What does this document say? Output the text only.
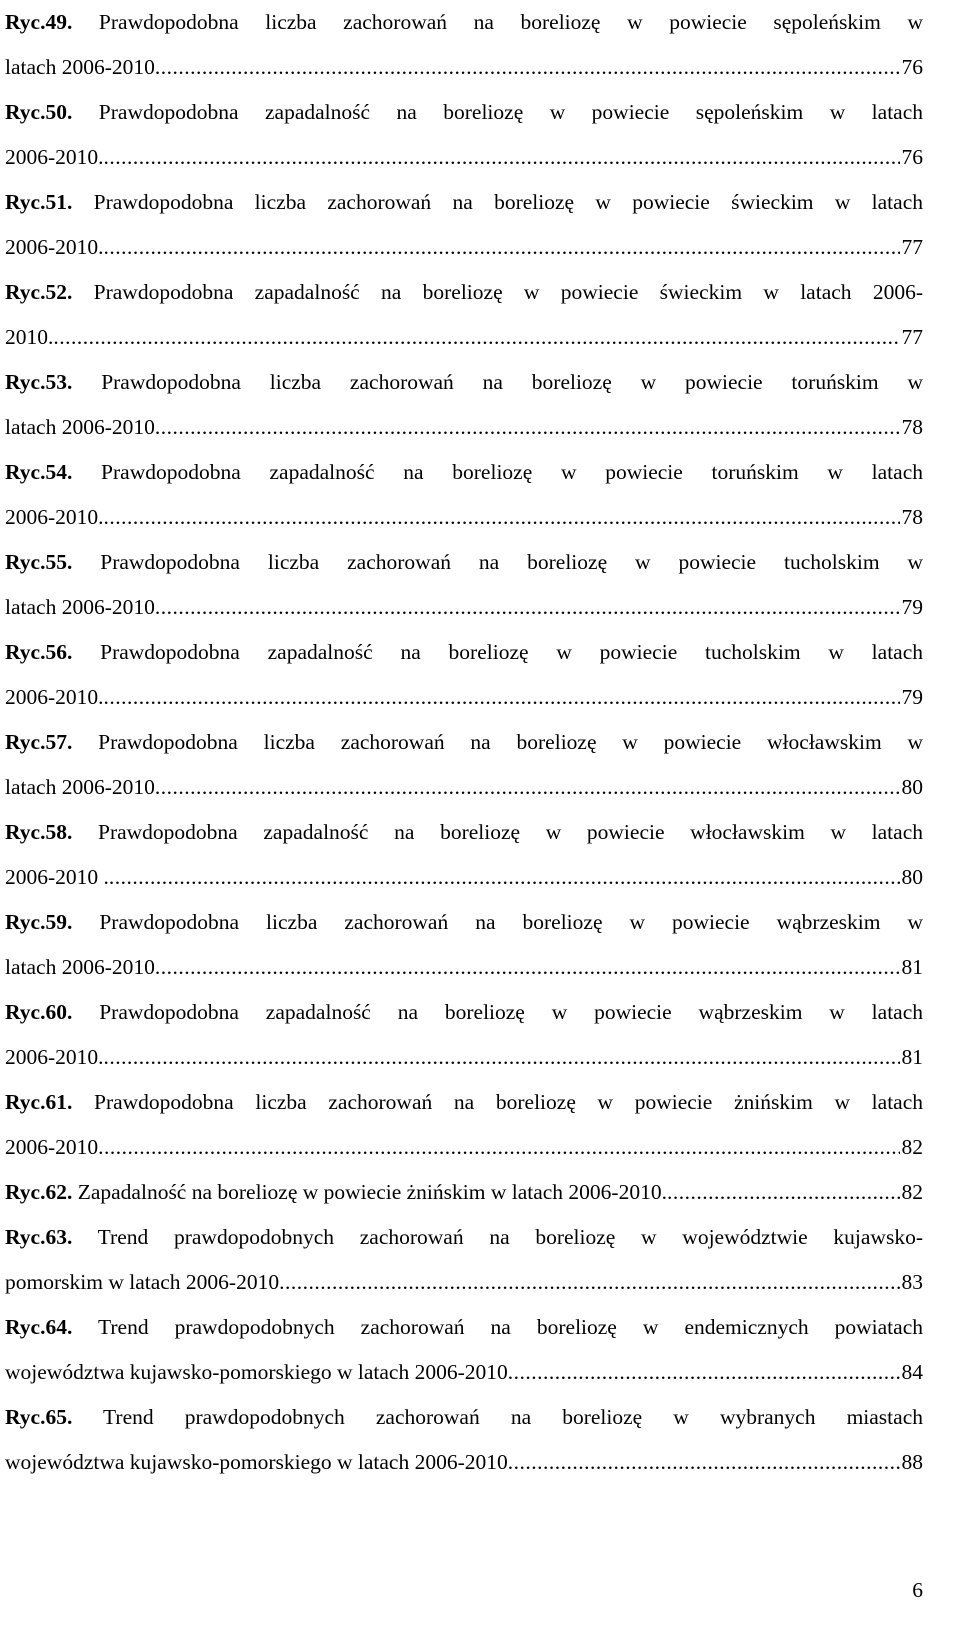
Ryc.49. Prawdopodobna liczba zachorowań na boreliozę w powiecie sępoleńskim w
latach 2006-2010 .....	76
Ryc.50. Prawdopodobna zapadalność na boreliozę w powiecie sępoleńskim w latach
2006-2010. .....	76
Ryc.51. Prawdopodobna liczba zachorowań na boreliozę w powiecie świeckim w latach
2006-2010. .....	77
Ryc.52. Prawdopodobna zapadalność na boreliozę w powiecie świeckim w latach 2006-
2010. .....	77
Ryc.53. Prawdopodobna liczba zachorowań na boreliozę w powiecie toruńskim w
latach 2006-2010 .....	78
Ryc.54. Prawdopodobna zapadalność na boreliozę w powiecie toruńskim w latach
2006-2010. .....	78
Ryc.55. Prawdopodobna liczba zachorowań na boreliozę w powiecie tucholskim w
latach 2006-2010 .....	79
Ryc.56. Prawdopodobna zapadalność na boreliozę w powiecie tucholskim w latach
2006-2010. .....	79
Ryc.57. Prawdopodobna liczba zachorowań na boreliozę w powiecie włocławskim w
latach 2006-2010 .....	80
Ryc.58. Prawdopodobna zapadalność na boreliozę w powiecie włocławskim w latach
2006-2010 . .....	80
Ryc.59. Prawdopodobna liczba zachorowań na boreliozę w powiecie wąbrzeskim w
latach 2006-2010 .....	81
Ryc.60. Prawdopodobna zapadalność na boreliozę w powiecie wąbrzeskim w latach
2006-2010. .....	81
Ryc.61. Prawdopodobna liczba zachorowań na boreliozę w powiecie żnińskim w latach
2006-2010 .....	82
Ryc.62. Zapadalność na boreliozę w powiecie żnińskim w latach 2006-2010. .....	82
Ryc.63. Trend prawdopodobnych zachorowań na boreliozę w województwie kujawsko-
pomorskim w latach 2006-2010 .....	83
Ryc.64. Trend prawdopodobnych zachorowań na boreliozę w endemicznych powiatach
województwa kujawsko-pomorskiego w latach 2006-2010 .....	84
Ryc.65. Trend prawdopodobnych zachorowań na boreliozę w wybranych miastach
województwa kujawsko-pomorskiego w latach 2006-2010 .....	88
6
